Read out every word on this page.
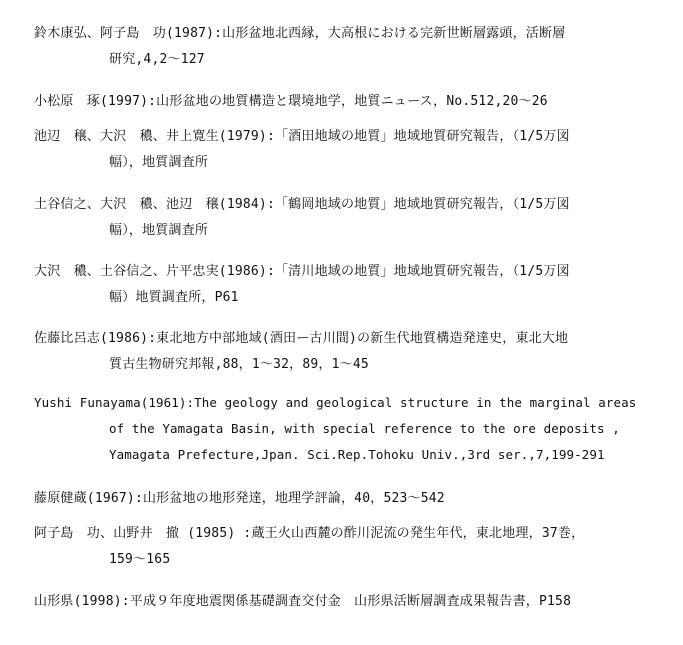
鈴木康弘、阿子島　功(1987):山形盆地北西縁，大高根における完新世断層露頭，活断層
研究,4,2〜127
小松原　琢(1997):山形盆地の地質構造と環境地学，地質ニュース，No.512,20〜26
池辺　穣、大沢　穠、井上寛生(1979):「酒田地域の地質」地域地質研究報告，（1/5万図
幅），地質調査所
土谷信之、大沢　穠、池辺　穣(1984):「鶴岡地域の地質」地域地質研究報告，（1/5万図
幅），地質調査所
大沢　穠、土谷信之、片平忠実(1986):「清川地域の地質」地域地質研究報告，（1/5万図
幅）地質調査所，P61
佐藤比呂志(1986):東北地方中部地域(酒田ー古川間)の新生代地質構造発達史，東北大地
質古生物研究邦報,88，1〜32，89，1〜45
Yushi Funayama(1961):The geology and geological structure in the marginal areas
of the Yamagata Basin, with special reference to the ore deposits ,
Yamagata Prefecture,Jpan. Sci.Rep.Tohoku Univ.,3rd ser.,7,199-291
藤原健蔵(1967):山形盆地の地形発達，地理学評論，40，523〜542
阿子島　功、山野井　撤 (1985) :蔵王火山西麓の酢川泥流の発生年代，東北地理，37巻，
159〜165
山形県(1998):平成９年度地震関係基礎調査交付金　山形県活断層調査成果報告書，P158
